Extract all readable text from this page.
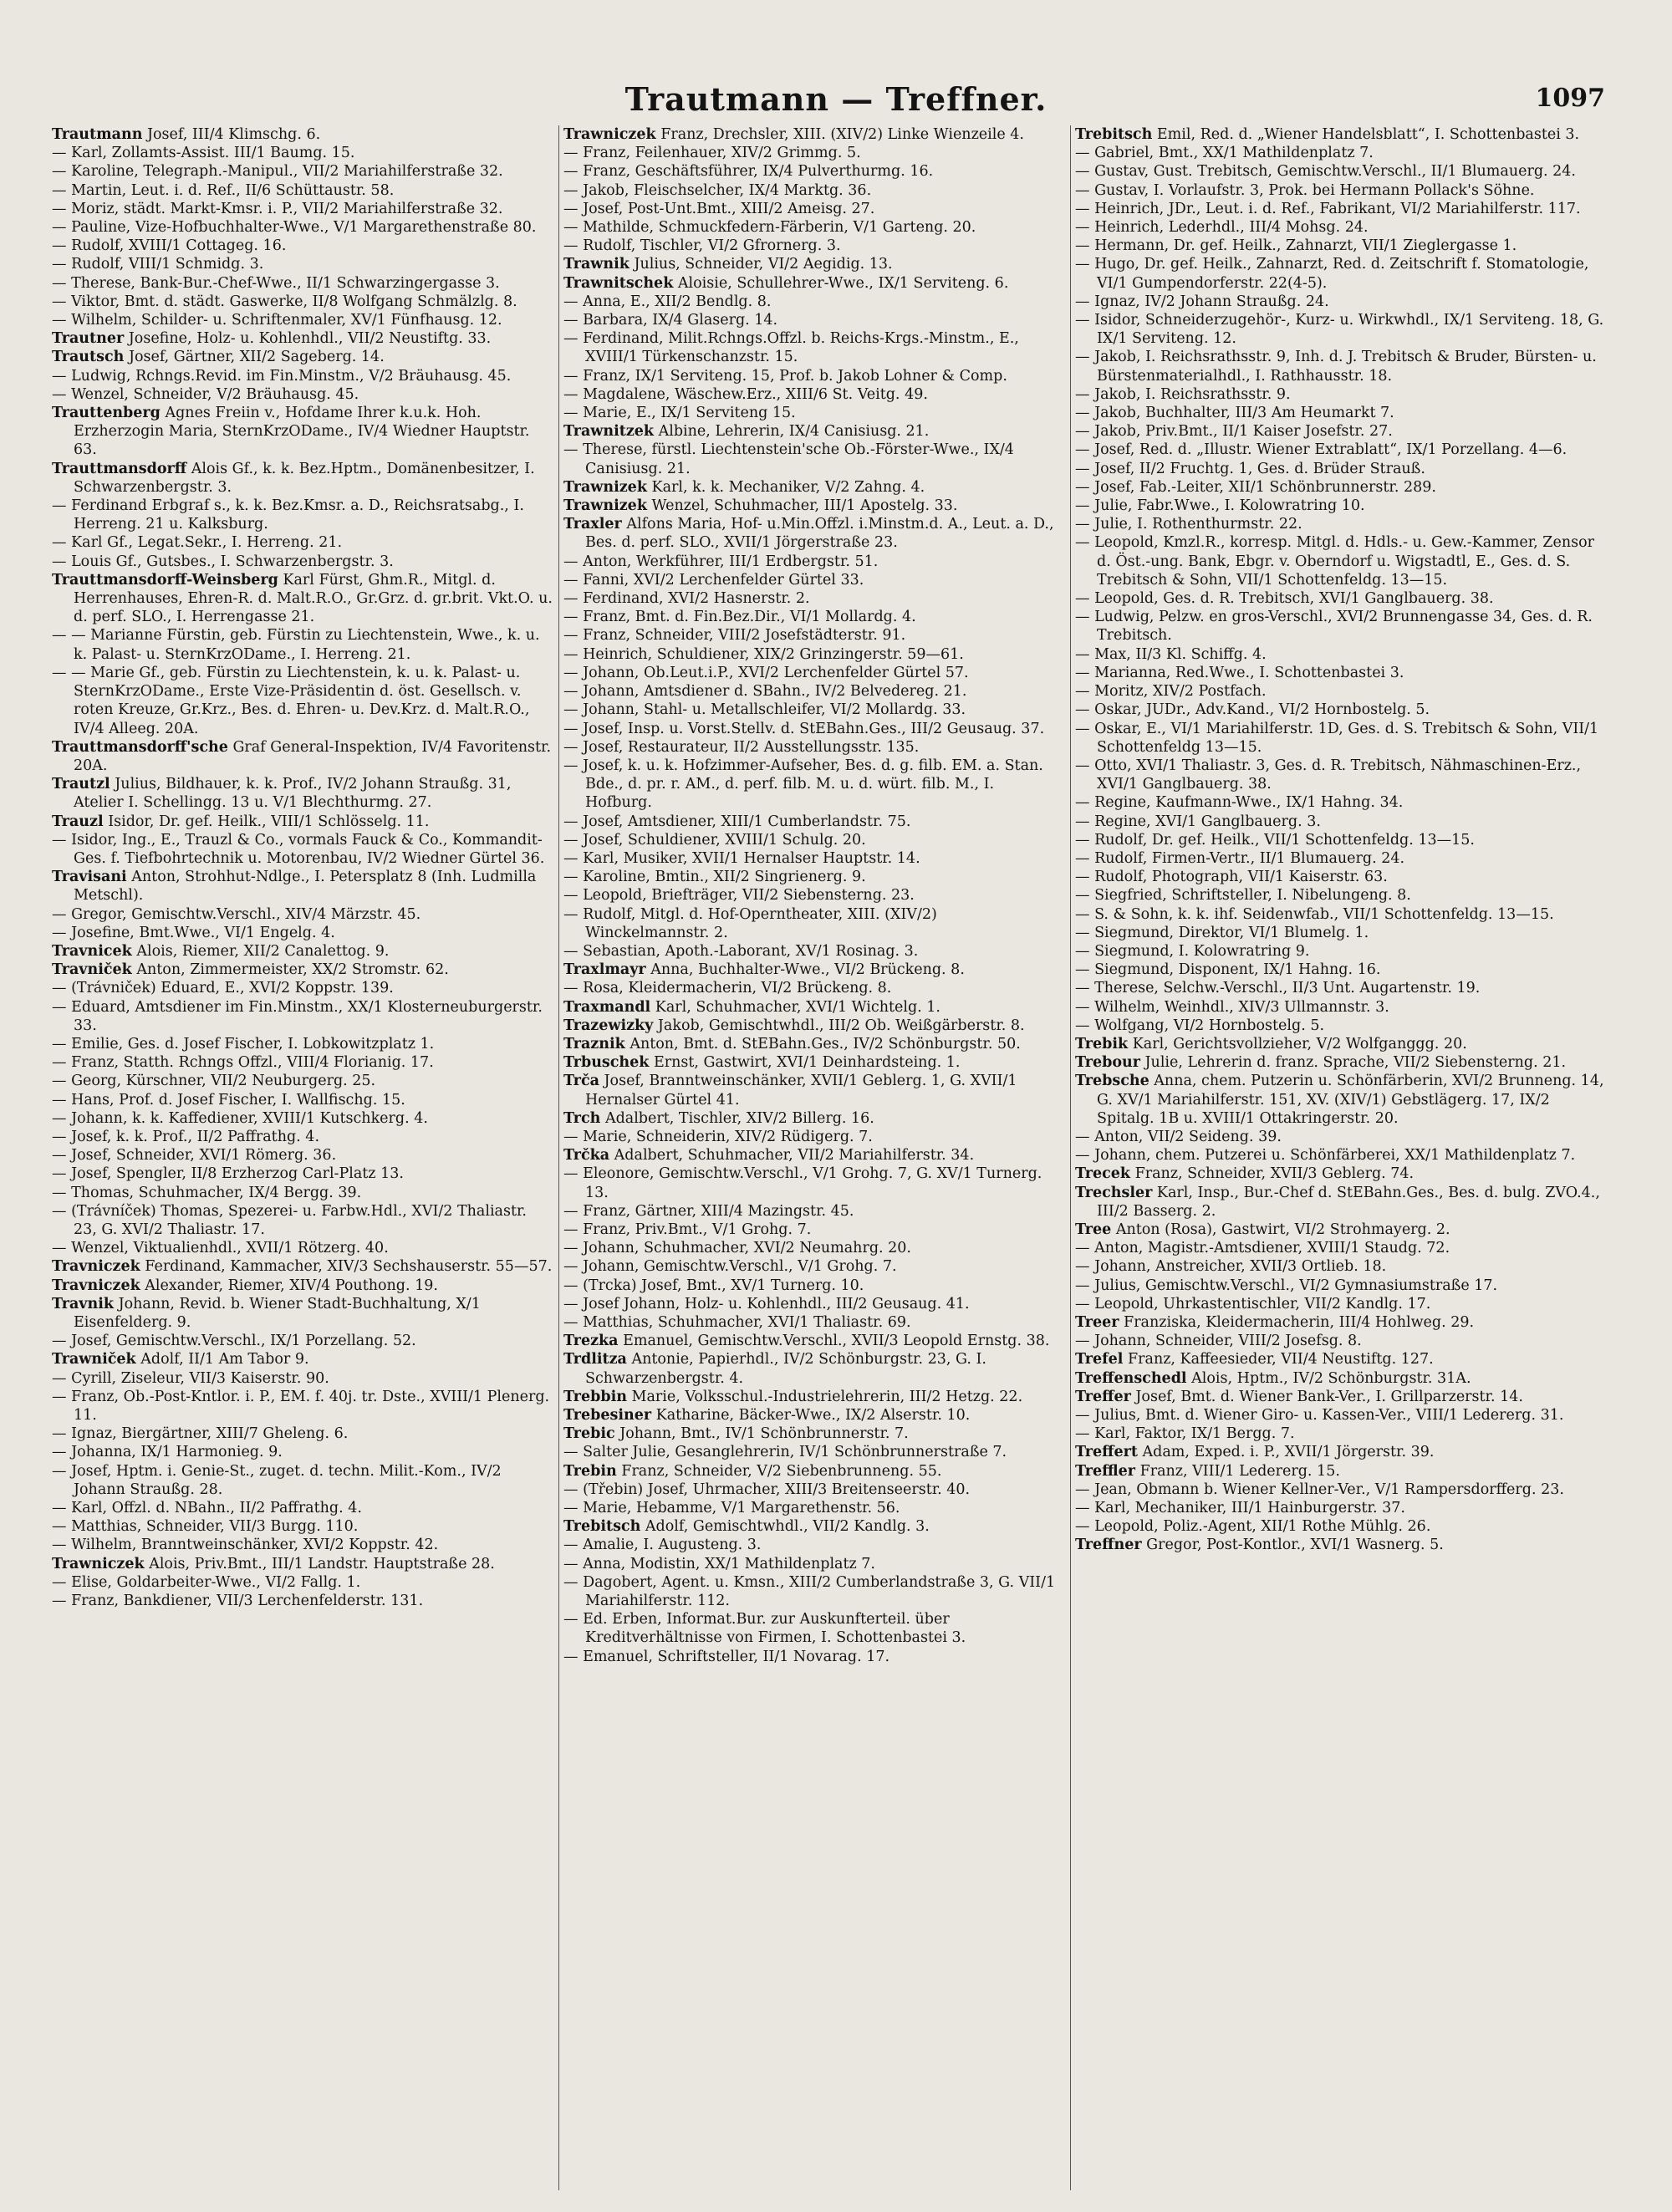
Trautmann — Treffner.	1097

Trautmann Josef, III/4 Klimschg. 6.

— Karl, Zollamts-Assist. III/1 Baumg. 15.

— Karoline, Telegraph.-Manipul., VII/2 Mariahilferstraße 32.

— Martin, Leut. i. d. Ref., II/6 Schüttaustr. 58.

— Moriz, städt. Markt-Kmsr. i. P., VII/2 Mariahilferstraße 32.

— Pauline, Vize-Hofbuchhalter-Wwe., V/1 Margarethenstraße 80.

— Rudolf, XVIII/1 Cottageg. 16.

— Rudolf, VIII/1 Schmidg. 3.

— Therese, Bank-Bur.-Chef-Wwe., II/1 Schwarzingergasse 3.

— Viktor, Bmt. d. städt. Gaswerke, II/8 Wolfgang Schmälzlg. 8.

— Wilhelm, Schilder- u. Schriftenmaler, XV/1 Fünfhausg. 12.

Trautner Josefine, Holz- u. Kohlenhdl., VII/2 Neustiftg. 33.

Trautsch Josef, Gärtner, XII/2 Sageberg. 14.

— Ludwig, Rchngs.Revid. im Fin.Minstm., V/2 Bräuhausg. 45.

— Wenzel, Schneider, V/2 Bräuhausg. 45.

Trauttenberg Agnes Freiin v., Hofdame Ihrer k.u.k. Hoh. Erzherzogin Maria, SternKrzODame., IV/4 Wiedner Hauptstr. 63.

Trauttmansdorff Alois Gf., k. k. Bez.Hptm., Domänenbesitzer, I. Schwarzenbergstr. 3.

— Ferdinand Erbgraf s., k. k. Bez.Kmsr. a. D., Reichsratsabg., I. Herreng. 21 u. Kalksburg.

— Karl Gf., Legat.Sekr., I. Herreng. 21.

— Louis Gf., Gutsbes., I. Schwarzenbergstr. 3.

Trauttmansdorff-Weinsberg Karl Fürst, Ghm.R., Mitgl. d. Herrenhauses, Ehren-R. d. Malt.R.O., Gr.Grz. d. gr.brit. Vkt.O. u. d. perf. SLO., I. Herrengasse 21.

— — Marianne Fürstin, geb. Fürstin zu Liechtenstein, Wwe., k. u. k. Palast- u. SternKrzODame., I. Herreng. 21.

— — Marie Gf., geb. Fürstin zu Liechtenstein, k. u. k. Palast- u. SternKrzODame., Erste Vize-Präsidentin d. öst. Gesellsch. v. roten Kreuze, Gr.Krz., Bes. d. Ehren- u. Dev.Krz. d. Malt.R.O., IV/4 Alleeg. 20A.

Trauttmansdorff'sche Graf General-Inspektion, IV/4 Favoritenstr. 20A.

Trautzl Julius, Bildhauer, k. k. Prof., IV/2 Johann Straußg. 31, Atelier I. Schellingg. 13 u. V/1 Blechthurmg. 27.

Trauzl Isidor, Dr. gef. Heilk., VIII/1 Schlösselg. 11.

— Isidor, Ing., E., Trauzl & Co., vormals Fauck & Co., Kommandit-Ges. f. Tiefbohrtechnik u. Motorenbau, IV/2 Wiedner Gürtel 36.

Travisani Anton, Strohhut-Ndlge., I. Petersplatz 8 (Inh. Ludmilla Metschl).

— Gregor, Gemischtw.Verschl., XIV/4 Märzstr. 45.

— Josefine, Bmt.Wwe., VI/1 Engelg. 4.

Travnicek Alois, Riemer, XII/2 Canalettog. 9.

Travniček Anton, Zimmermeister, XX/2 Stromstr. 62.

— (Trávniček) Eduard, E., XVI/2 Koppstr. 139.

— Eduard, Amtsdiener im Fin.Minstm., XX/1 Klosterneuburgerstr. 33.

— Emilie, Ges. d. Josef Fischer, I. Lobkowitzplatz 1.

— Franz, Statth. Rchngs Offzl., VIII/4 Florianig. 17.

— Georg, Kürschner, VII/2 Neuburgerg. 25.

— Hans, Prof. d. Josef Fischer, I. Wallfischg. 15.

— Johann, k. k. Kaffediener, XVIII/1 Kutschkerg. 4.

— Josef, k. k. Prof., II/2 Paffrathg. 4.

— Josef, Schneider, XVI/1 Römerg. 36.

— Josef, Spengler, II/8 Erzherzog Carl-Platz 13.

— Thomas, Schuhmacher, IX/4 Bergg. 39.

— (Trávníček) Thomas, Spezerei- u. Farbw.Hdl., XVI/2 Thaliastr. 23, G. XVI/2 Thaliastr. 17.

— Wenzel, Viktualienhdl., XVII/1 Rötzerg. 40.

Travniczek Ferdinand, Kammacher, XIV/3 Sechshauserstr. 55—57.

Travniczek Alexander, Riemer, XIV/4 Pouthong. 19.

Travnik Johann, Revid. b. Wiener Stadt-Buchhaltung, X/1 Eisenfelderg. 9.

— Josef, Gemischtw.Verschl., IX/1 Porzellang. 52.

Trawniček Adolf, II/1 Am Tabor 9.

— Cyrill, Ziseleur, VII/3 Kaiserstr. 90.

— Franz, Ob.-Post-Kntlor. i. P., EM. f. 40j. tr. Dste., XVIII/1 Plenerg. 11.

— Ignaz, Biergärtner, XIII/7 Gheleng. 6.

— Johanna, IX/1 Harmonieg. 9.

— Josef, Hptm. i. Genie-St., zuget. d. techn. Milit.-Kom., IV/2 Johann Straußg. 28.

— Karl, Offzl. d. NBahn., II/2 Paffrathg. 4.

— Matthias, Schneider, VII/3 Burgg. 110.

— Wilhelm, Branntweinschänker, XVI/2 Koppstr. 42.

Trawniczek Alois, Priv.Bmt., III/1 Landstr. Hauptstraße 28.

— Elise, Goldarbeiter-Wwe., VI/2 Fallg. 1.

— Franz, Bankdiener, VII/3 Lerchenfelderstr. 131.

Trawniczek Franz, Drechsler, XIII. (XIV/2) Linke Wienzeile 4.

— Franz, Feilenhauer, XIV/2 Grimmg. 5.

— Franz, Geschäftsführer, IX/4 Pulverthurmg. 16.

— Jakob, Fleischselcher, IX/4 Marktg. 36.

— Josef, Post-Unt.Bmt., XIII/2 Ameisg. 27.

— Mathilde, Schmuckfedern-Färberin, V/1 Garteng. 20.

— Rudolf, Tischler, VI/2 Gfrornerg. 3.

Trawnik Julius, Schneider, VI/2 Aegidig. 13.

Trawnitschek Aloisie, Schullehrer-Wwe., IX/1 Serviteng. 6.

— Anna, E., XII/2 Bendlg. 8.

— Barbara, IX/4 Glaserg. 14.

— Ferdinand, Milit.Rchngs.Offzl. b. Reichs-Krgs.-Minstm., E., XVIII/1 Türkenschanzstr. 15.

— Franz, IX/1 Serviteng. 15, Prof. b. Jakob Lohner & Comp.

— Magdalene, Wäschew.Erz., XIII/6 St. Veitg. 49.

— Marie, E., IX/1 Serviteng 15.

Trawnitzek Albine, Lehrerin, IX/4 Canisiusg. 21.

— Therese, fürstl. Liechtenstein'sche Ob.-Förster-Wwe., IX/4 Canisiusg. 21.

Trawnizek Karl, k. k. Mechaniker, V/2 Zahng. 4.

Trawnizek Wenzel, Schuhmacher, III/1 Apostelg. 33.

Traxler Alfons Maria, Hof- u.Min.Offzl. i.Minstm.d. A., Leut. a. D., Bes. d. perf. SLO., XVII/1 Jörgerstraße 23.

— Anton, Werkführer, III/1 Erdbergstr. 51.

— Fanni, XVI/2 Lerchenfelder Gürtel 33.

— Ferdinand, XVI/2 Hasnerstr. 2.

— Franz, Bmt. d. Fin.Bez.Dir., VI/1 Mollardg. 4.

— Franz, Schneider, VIII/2 Josefstädterstr. 91.

— Heinrich, Schuldiener, XIX/2 Grinzingerstr. 59—61.

— Johann, Ob.Leut.i.P., XVI/2 Lerchenfelder Gürtel 57.

— Johann, Amtsdiener d. SBahn., IV/2 Belvedereg. 21.

— Johann, Stahl- u. Metallschleifer, VI/2 Mollardg. 33.

— Josef, Insp. u. Vorst.Stellv. d. StEBahn.Ges., III/2 Geusaug. 37.

— Josef, Restaurateur, II/2 Ausstellungsstr. 135.

— Josef, k. u. k. Hofzimmer-Aufseher, Bes. d. g. filb. EM. a. Stan. Bde., d. pr. r. AM., d. perf. filb. M. u. d. würt. filb. M., I. Hofburg.

— Josef, Amtsdiener, XIII/1 Cumberlandstr. 75.

— Josef, Schuldiener, XVIII/1 Schulg. 20.

— Karl, Musiker, XVII/1 Hernalser Hauptstr. 14.

— Karoline, Bmtin., XII/2 Singrienerg. 9.

— Leopold, Briefträger, VII/2 Siebensterng. 23.

— Rudolf, Mitgl. d. Hof-Operntheater, XIII. (XIV/2) Winckelmannstr. 2.

— Sebastian, Apoth.-Laborant, XV/1 Rosinag. 3.

Traxlmayr Anna, Buchhalter-Wwe., VI/2 Brückeng. 8.

— Rosa, Kleidermacherin, VI/2 Brückeng. 8.

Traxmandl Karl, Schuhmacher, XVI/1 Wichtelg. 1.

Trazewizky Jakob, Gemischtwhdl., III/2 Ob. Weißgärberstr. 8.

Traznik Anton, Bmt. d. StEBahn.Ges., IV/2 Schönburgstr. 50.

Trbuschek Ernst, Gastwirt, XVI/1 Deinhardsteing. 1.

Trča Josef, Branntweinschänker, XVII/1 Geblerg. 1, G. XVII/1 Hernalser Gürtel 41.

Trch Adalbert, Tischler, XIV/2 Billerg. 16.

— Marie, Schneiderin, XIV/2 Rüdigerg. 7.

Trčka Adalbert, Schuhmacher, VII/2 Mariahilferstr. 34.

— Eleonore, Gemischtw.Verschl., V/1 Grohg. 7, G. XV/1 Turnerg. 13.

— Franz, Gärtner, XIII/4 Mazingstr. 45.

— Franz, Priv.Bmt., V/1 Grohg. 7.

— Johann, Schuhmacher, XVI/2 Neumahrg. 20.

— Johann, Gemischtw.Verschl., V/1 Grohg. 7.

— (Trcka) Josef, Bmt., XV/1 Turnerg. 10.

— Josef Johann, Holz- u. Kohlenhdl., III/2 Geusaug. 41.

— Matthias, Schuhmacher, XVI/1 Thaliastr. 69.

Trezka Emanuel, Gemischtw.Verschl., XVII/3 Leopold Ernstg. 38.

Trdlitza Antonie, Papierhdl., IV/2 Schönburgstr. 23, G. I. Schwarzenbergstr. 4.

Trebbin Marie, Volksschul.-Industrielehrerin, III/2 Hetzg. 22.

Trebesiner Katharine, Bäcker-Wwe., IX/2 Alserstr. 10.

Trebic Johann, Bmt., IV/1 Schönbrunnerstr. 7.

— Salter Julie, Gesanglehrerin, IV/1 Schönbrunnerstraße 7.

Trebin Franz, Schneider, V/2 Siebenbrunneng. 55.

— (Třebin) Josef, Uhrmacher, XIII/3 Breitenseerstr. 40.

— Marie, Hebamme, V/1 Margarethenstr. 56.

Trebitsch Adolf, Gemischtwhdl., VII/2 Kandlg. 3.

— Amalie, I. Augusteng. 3.

— Anna, Modistin, XX/1 Mathildenplatz 7.

— Dagobert, Agent. u. Kmsn., XIII/2 Cumberlandstraße 3, G. VII/1 Mariahilferstr. 112.

— Ed. Erben, Informat.Bur. zur Auskunfterteil. über Kreditverhältnisse von Firmen, I. Schottenbastei 3.

— Emanuel, Schriftsteller, II/1 Novarag. 17.

Trebitsch Emil, Red. d. „Wiener Handelsblatt“, I. Schottenbastei 3.

— Gabriel, Bmt., XX/1 Mathildenplatz 7.

— Gustav, Gust. Trebitsch, Gemischtw.Verschl., II/1 Blumauerg. 24.

— Gustav, I. Vorlaufstr. 3, Prok. bei Hermann Pollack's Söhne.

— Heinrich, JDr., Leut. i. d. Ref., Fabrikant, VI/2 Mariahilferstr. 117.

— Heinrich, Lederhdl., III/4 Mohsg. 24.

— Hermann, Dr. gef. Heilk., Zahnarzt, VII/1 Zieglergasse 1.

— Hugo, Dr. gef. Heilk., Zahnarzt, Red. d. Zeitschrift f. Stomatologie, VI/1 Gumpendorferstr. 22(4-5).

— Ignaz, IV/2 Johann Straußg. 24.

— Isidor, Schneiderzugehör-, Kurz- u. Wirkwhdl., IX/1 Serviteng. 18, G. IX/1 Serviteng. 12.

— Jakob, I. Reichsrathsstr. 9, Inh. d. J. Trebitsch & Bruder, Bürsten- u. Bürstenmaterialhdl., I. Rathhausstr. 18.

— Jakob, I. Reichsrathsstr. 9.

— Jakob, Buchhalter, III/3 Am Heumarkt 7.

— Jakob, Priv.Bmt., II/1 Kaiser Josefstr. 27.

— Josef, Red. d. „Illustr. Wiener Extrablatt“, IX/1 Porzellang. 4—6.

— Josef, II/2 Fruchtg. 1, Ges. d. Brüder Strauß.

— Josef, Fab.-Leiter, XII/1 Schönbrunnerstr. 289.

— Julie, Fabr.Wwe., I. Kolowratring 10.

— Julie, I. Rothenthurmstr. 22.

— Leopold, Kmzl.R., korresp. Mitgl. d. Hdls.- u. Gew.-Kammer, Zensor d. Öst.-ung. Bank, Ebgr. v. Oberndorf u. Wigstadtl, E., Ges. d. S. Trebitsch & Sohn, VII/1 Schottenfeldg. 13—15.

— Leopold, Ges. d. R. Trebitsch, XVI/1 Ganglbauerg. 38.

— Ludwig, Pelzw. en gros-Verschl., XVI/2 Brunnengasse 34, Ges. d. R. Trebitsch.

— Max, II/3 Kl. Schiffg. 4.

— Marianna, Red.Wwe., I. Schottenbastei 3.

— Moritz, XIV/2 Postfach.

— Oskar, JUDr., Adv.Kand., VI/2 Hornbostelg. 5.

— Oskar, E., VI/1 Mariahilferstr. 1D, Ges. d. S. Trebitsch & Sohn, VII/1 Schottenfeldg 13—15.

— Otto, XVI/1 Thaliastr. 3, Ges. d. R. Trebitsch, Nähmaschinen-Erz., XVI/1 Ganglbauerg. 38.

— Regine, Kaufmann-Wwe., IX/1 Hahng. 34.

— Regine, XVI/1 Ganglbauerg. 3.

— Rudolf, Dr. gef. Heilk., VII/1 Schottenfeldg. 13—15.

— Rudolf, Firmen-Vertr., II/1 Blumauerg. 24.

— Rudolf, Photograph, VII/1 Kaiserstr. 63.

— Siegfried, Schriftsteller, I. Nibelungeng. 8.

— S. & Sohn, k. k. ihf. Seidenwfab., VII/1 Schottenfeldg. 13—15.

— Siegmund, Direktor, VI/1 Blumelg. 1.

— Siegmund, I. Kolowratring 9.

— Siegmund, Disponent, IX/1 Hahng. 16.

— Therese, Selchw.-Verschl., II/3 Unt. Augartenstr. 19.

— Wilhelm, Weinhdl., XIV/3 Ullmannstr. 3.

— Wolfgang, VI/2 Hornbostelg. 5.

Trebik Karl, Gerichtsvollzieher, V/2 Wolfganggg. 20.

Trebour Julie, Lehrerin d. franz. Sprache, VII/2 Siebensterng. 21.

Trebsche Anna, chem. Putzerin u. Schönfärberin, XVI/2 Brunneng. 14, G. XV/1 Mariahilferstr. 151, XV. (XIV/1) Gebstlägerg. 17, IX/2 Spitalg. 1B u. XVIII/1 Ottakringerstr. 20.

— Anton, VII/2 Seideng. 39.

— Johann, chem. Putzerei u. Schönfärberei, XX/1 Mathildenplatz 7.

Trecek Franz, Schneider, XVII/3 Geblerg. 74.

Trechsler Karl, Insp., Bur.-Chef d. StEBahn.Ges., Bes. d. bulg. ZVO.4., III/2 Basserg. 2.

Tree Anton (Rosa), Gastwirt, VI/2 Strohmayerg. 2.

— Anton, Magistr.-Amtsdiener, XVIII/1 Staudg. 72.

— Johann, Anstreicher, XVII/3 Ortlieb. 18.

— Julius, Gemischtw.Verschl., VI/2 Gymnasiumstraße 17.

— Leopold, Uhrkastentischler, VII/2 Kandlg. 17.

Treer Franziska, Kleidermacherin, III/4 Hohlweg. 29.

— Johann, Schneider, VIII/2 Josefsg. 8.

Trefel Franz, Kaffeesieder, VII/4 Neustiftg. 127.

Treffenschedl Alois, Hptm., IV/2 Schönburgstr. 31A.

Treffer Josef, Bmt. d. Wiener Bank-Ver., I. Grillparzerstr. 14.

— Julius, Bmt. d. Wiener Giro- u. Kassen-Ver., VIII/1 Ledererg. 31.

— Karl, Faktor, IX/1 Bergg. 7.

Treffert Adam, Exped. i. P., XVII/1 Jörgerstr. 39.

Treffler Franz, VIII/1 Ledererg. 15.

— Jean, Obmann b. Wiener Kellner-Ver., V/1 Rampersdorfferg. 23.

— Karl, Mechaniker, III/1 Hainburgerstr. 37.

— Leopold, Poliz.-Agent, XII/1 Rothe Mühlg. 26.

Treffner Gregor, Post-Kontlor., XVI/1 Wasnerg. 5.
